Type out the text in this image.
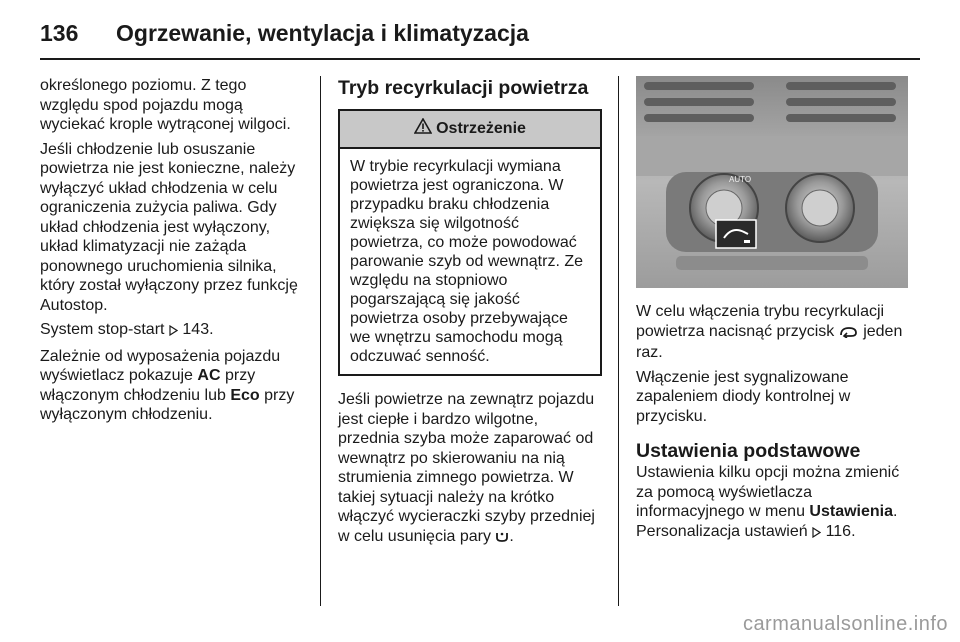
136 Ogrzewanie, wentylacja i klimatyzacja

określonego poziomu. Z tego względu spod pojazdu mogą wyciekać krople wytrąconej wilgoci.

Jeśli chłodzenie lub osuszanie powietrza nie jest konieczne, należy wyłączyć układ chłodzenia w celu ograniczenia zużycia paliwa. Gdy układ chłodzenia jest wyłączony, układ klimatyzacji nie zażąda ponownego uruchomienia silnika, który został wyłączony przez funkcję Autostop.

System stop-start 143.

Zależnie od wyposażenia pojazdu wyświetlacz pokazuje AC przy włączonym chłodzeniu lub Eco przy wyłączonym chłodzeniu.

Tryb recyrkulacji powietrza
Ostrzeżenie
W trybie recyrkulacji wymiana powietrza jest ograniczona. W przypadku braku chłodzenia zwiększa się wilgotność powietrza, co może powodować parowanie szyb od wewnątrz. Ze względu na stopniowo pogarszającą się jakość powietrza osoby przebywające we wnętrzu samochodu mogą odczuwać senność.

Jeśli powietrze na zewnątrz pojazdu jest ciepłe i bardzo wilgotne, przednia szyba może zaparować od wewnątrz po skierowaniu na nią strumienia zimnego powietrza. W takiej sytuacji należy na krótko włączyć wycieraczki szyby przedniej w celu usunięcia pary .

AUTO

W celu włączenia trybu recyrkulacji powietrza nacisnąć przycisk jeden raz.

Włączenie jest sygnalizowane zapaleniem diody kontrolnej w przycisku.

Ustawienia podstawowe

Ustawienia kilku opcji można zmienić za pomocą wyświetlacza informacyjnego w menu Ustawienia.

Personalizacja ustawień 116.

carmanualsonline.info
